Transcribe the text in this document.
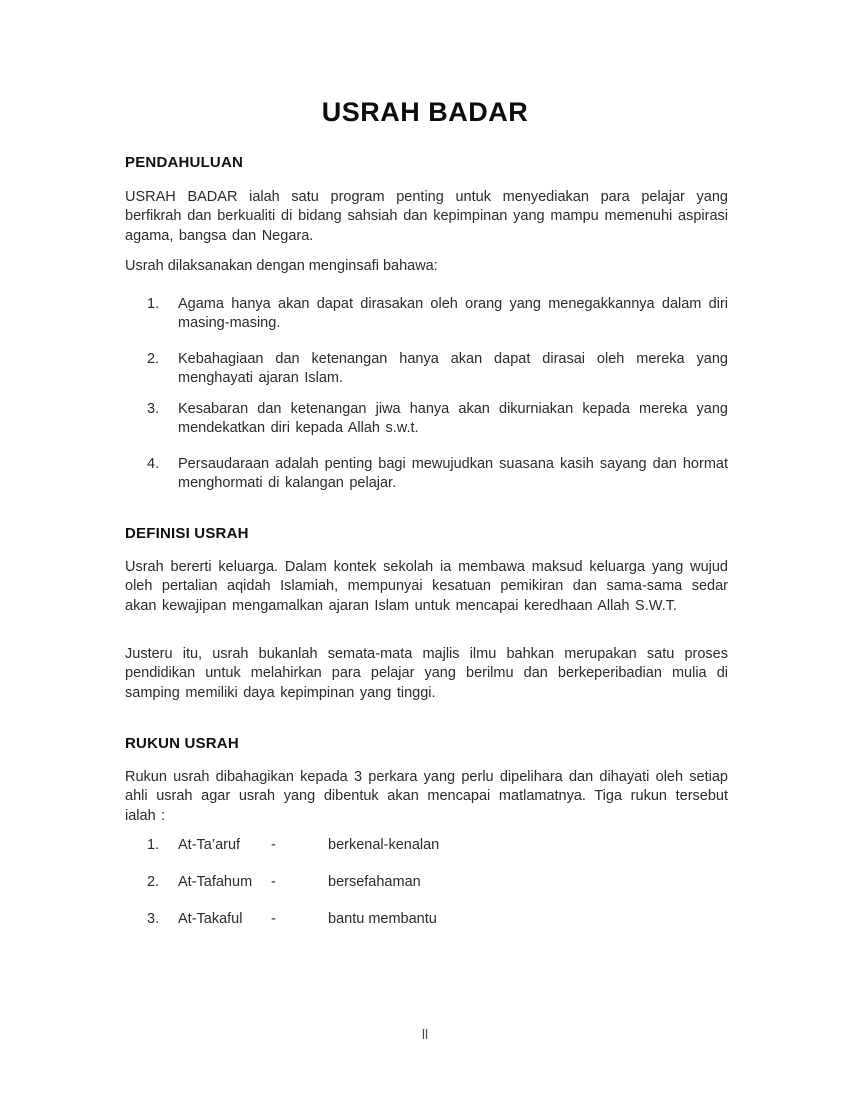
USRAH BADAR
PENDAHULUAN

USRAH BADAR ialah satu program penting untuk menyediakan para pelajar yang berfikrah dan berkualiti di bidang sahsiah dan kepimpinan yang mampu memenuhi aspirasi agama, bangsa dan Negara.

Usrah dilaksanakan dengan menginsafi bahawa:

1.	Agama hanya akan dapat dirasakan oleh orang yang menegakkannya dalam diri masing-masing.
2.	Kebahagiaan dan ketenangan hanya akan dapat dirasai oleh mereka yang menghayati ajaran Islam.
3.	Kesabaran dan ketenangan jiwa hanya akan dikurniakan kepada mereka yang mendekatkan diri kepada Allah s.w.t.
4.	Persaudaraan adalah penting bagi mewujudkan suasana kasih sayang dan hormat menghormati di kalangan pelajar.
DEFINISI USRAH

Usrah bererti keluarga. Dalam kontek sekolah ia membawa maksud keluarga yang wujud oleh pertalian aqidah Islamiah, mempunyai kesatuan pemikiran dan sama-sama sedar akan kewajipan mengamalkan ajaran Islam untuk mencapai keredhaan Allah S.W.T.

Justeru itu, usrah bukanlah semata-mata majlis ilmu bahkan merupakan satu proses pendidikan untuk melahirkan para pelajar yang berilmu dan berkeperibadian mulia di samping memiliki daya kepimpinan yang tinggi.

RUKUN USRAH

Rukun usrah dibahagikan kepada 3 perkara yang perlu dipelihara dan dihayati oleh setiap ahli usrah agar usrah yang dibentuk akan mencapai matlamatnya. Tiga rukun tersebut ialah :

1.	At-Ta’aruf	-	berkenal-kenalan
2.	At-Tafahum	-	bersefahaman
3.	At-Takaful	-	bantu membantu
ll
